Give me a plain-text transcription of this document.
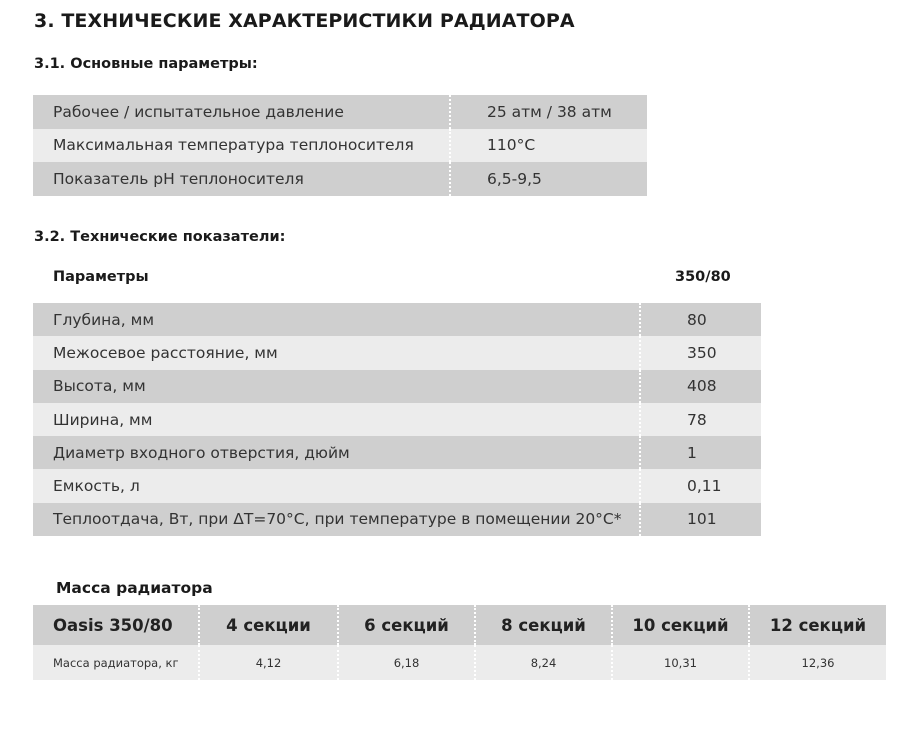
3. ТЕХНИЧЕСКИЕ ХАРАКТЕРИСТИКИ РАДИАТОРА
3.1. Основные параметры:
Рабочее / испытательное давление	25 атм / 38 атм
Максимальная температура теплоносителя	110°С
Показатель рН теплоносителя	6,5-9,5
3.2. Технические показатели:
Параметры	350/80
Глубина, мм	80
Межосевое расстояние, мм	350
Высота, мм	408
Ширина, мм	78
Диаметр входного отверстия, дюйм	1
Емкость, л	0,11
Теплоотдача, Вт, при ΔT=70°С, при температуре в помещении 20°С*	101
Масса радиатора
Oasis 350/80	4 секции	6 секций	8 секций	10 секций	12 секций
Масса радиатора, кг	4,12	6,18	8,24	10,31	12,36
